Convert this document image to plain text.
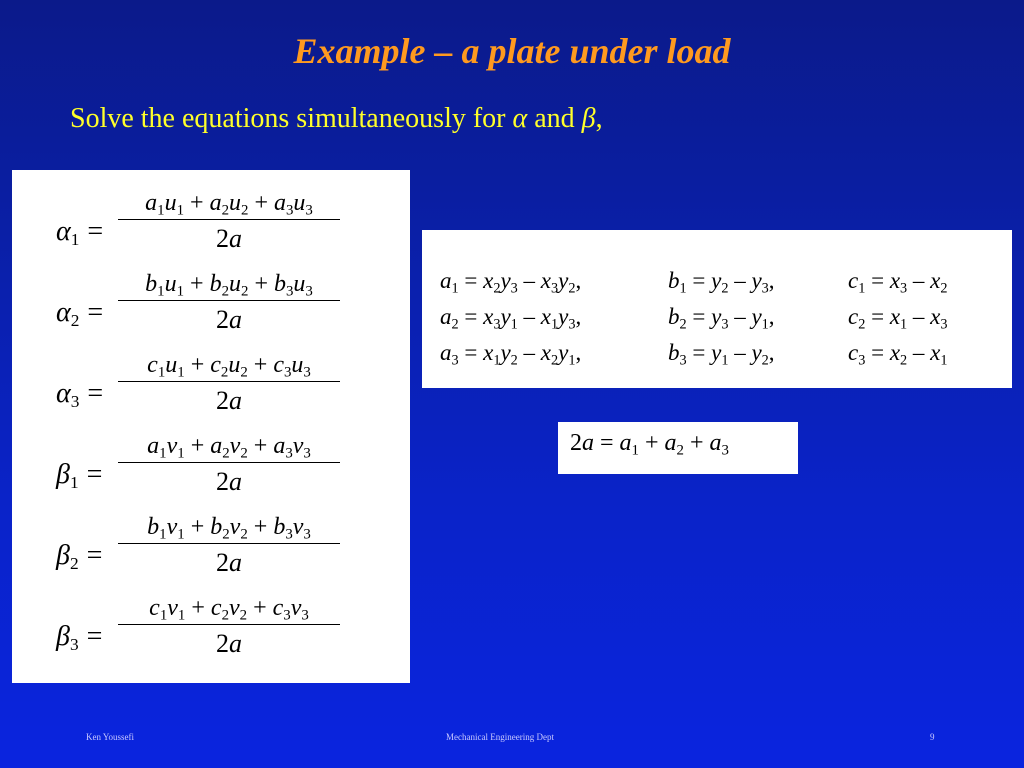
Example – a plate under load
Solve the equations simultaneously for α and β,
$\alpha_1 = \frac{a_1u_1 + a_2u_2 + a_3u_3}{2a}$
$\alpha_2 = \frac{b_1u_1 + b_2u_2 + b_3u_3}{2a}$
$\alpha_3 = \frac{c_1u_1 + c_2u_2 + c_3u_3}{2a}$
$\beta_1 = \frac{a_1v_1 + a_2v_2 + a_3v_3}{2a}$
$\beta_2 = \frac{b_1v_1 + b_2v_2 + b_3v_3}{2a}$
$\beta_3 = \frac{c_1v_1 + c_2v_2 + c_3v_3}{2a}$
$a_1 = x_2y_3 - x_3y_2$,	$b_1 = y_2 - y_3$,	$c_1 = x_3 - x_2$
$a_2 = x_3y_1 - x_1y_3$,	$b_2 = y_3 - y_1$,	$c_2 = x_1 - x_3$
$a_3 = x_1y_2 - x_2y_1$,	$b_3 = y_1 - y_2$,	$c_3 = x_2 - x_1$
$2a = a_1 + a_2 + a_3$
Ken Youssefi	Mechanical Engineering Dept	9
